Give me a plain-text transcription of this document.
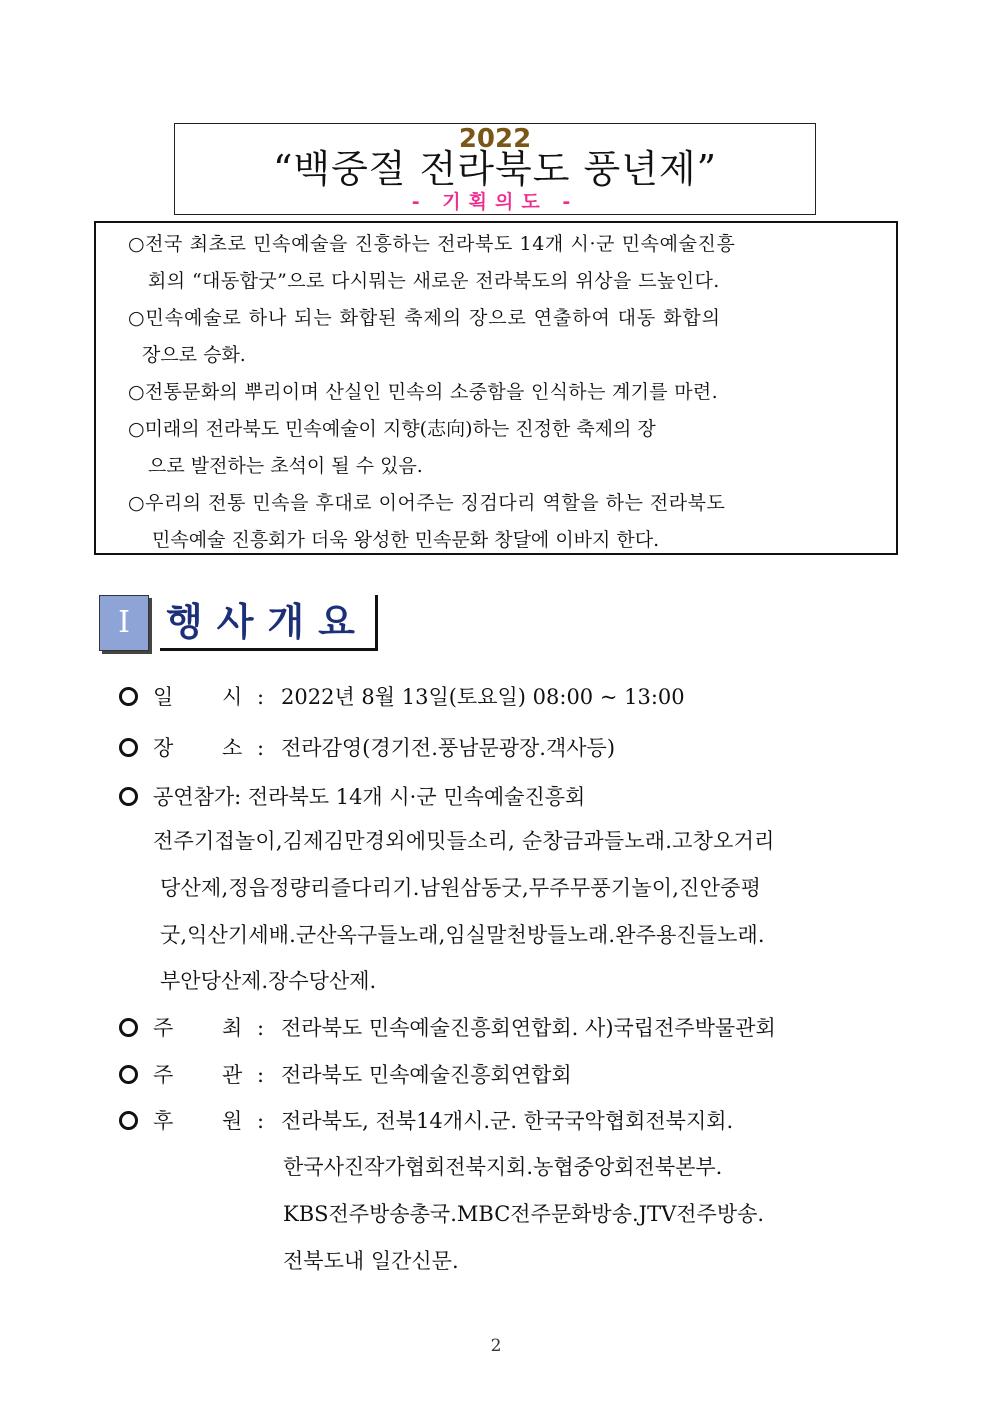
2022
“백중절 전라북도 풍년제”
- 기획의도 -
○전국 최초로 민속예술을 진흥하는 전라북도 14개 시·군 민속예술진흥
회의 “대동합굿”으로 다시뭐는 새로운 전라북도의 위상을 드높인다.
○민속예술로 하나 되는 화합된 축제의 장으로 연출하여 대동 화합의
장으로 승화.
○전통문화의 뿌리이며 산실인 민속의 소중함을 인식하는 계기를 마련.
○미래의 전라북도 민속예술이 지향(志向)하는 진정한 축제의 장
으로 발전하는 초석이 될 수 있음.
○우리의 전통 민속을 후대로 이어주는 징검다리 역할을 하는 전라북도
민속예술 진흥회가 더욱 왕성한 민속문화 창달에 이바지 한다.
I 행사개요
일 시 : 2022년 8월 13일(토요일) 08:00 ~ 13:00
장 소 : 전라감영(경기전.풍남문광장.객사등)
공연참가: 전라북도 14개 시·군 민속예술진흥회
전주기접놀이,김제김만경외에밋들소리, 순창금과들노래.고창오거리
당산제,정읍정량리즐다리기.남원삼동굿,무주무풍기놀이,진안중평
굿,익산기세배.군산옥구들노래,임실말천방들노래.완주용진들노래.
부안당산제.장수당산제.
주 최 : 전라북도 민속예술진흥회연합회. 사)국립전주박물관회
주 관 : 전라북도 민속예술진흥회연합회
후 원 : 전라북도, 전북14개시.군. 한국국악협회전북지회.
한국사진작가협회전북지회.농협중앙회전북본부.
KBS전주방송총국.MBC전주문화방송.JTV전주방송.
전북도내 일간신문.
2
